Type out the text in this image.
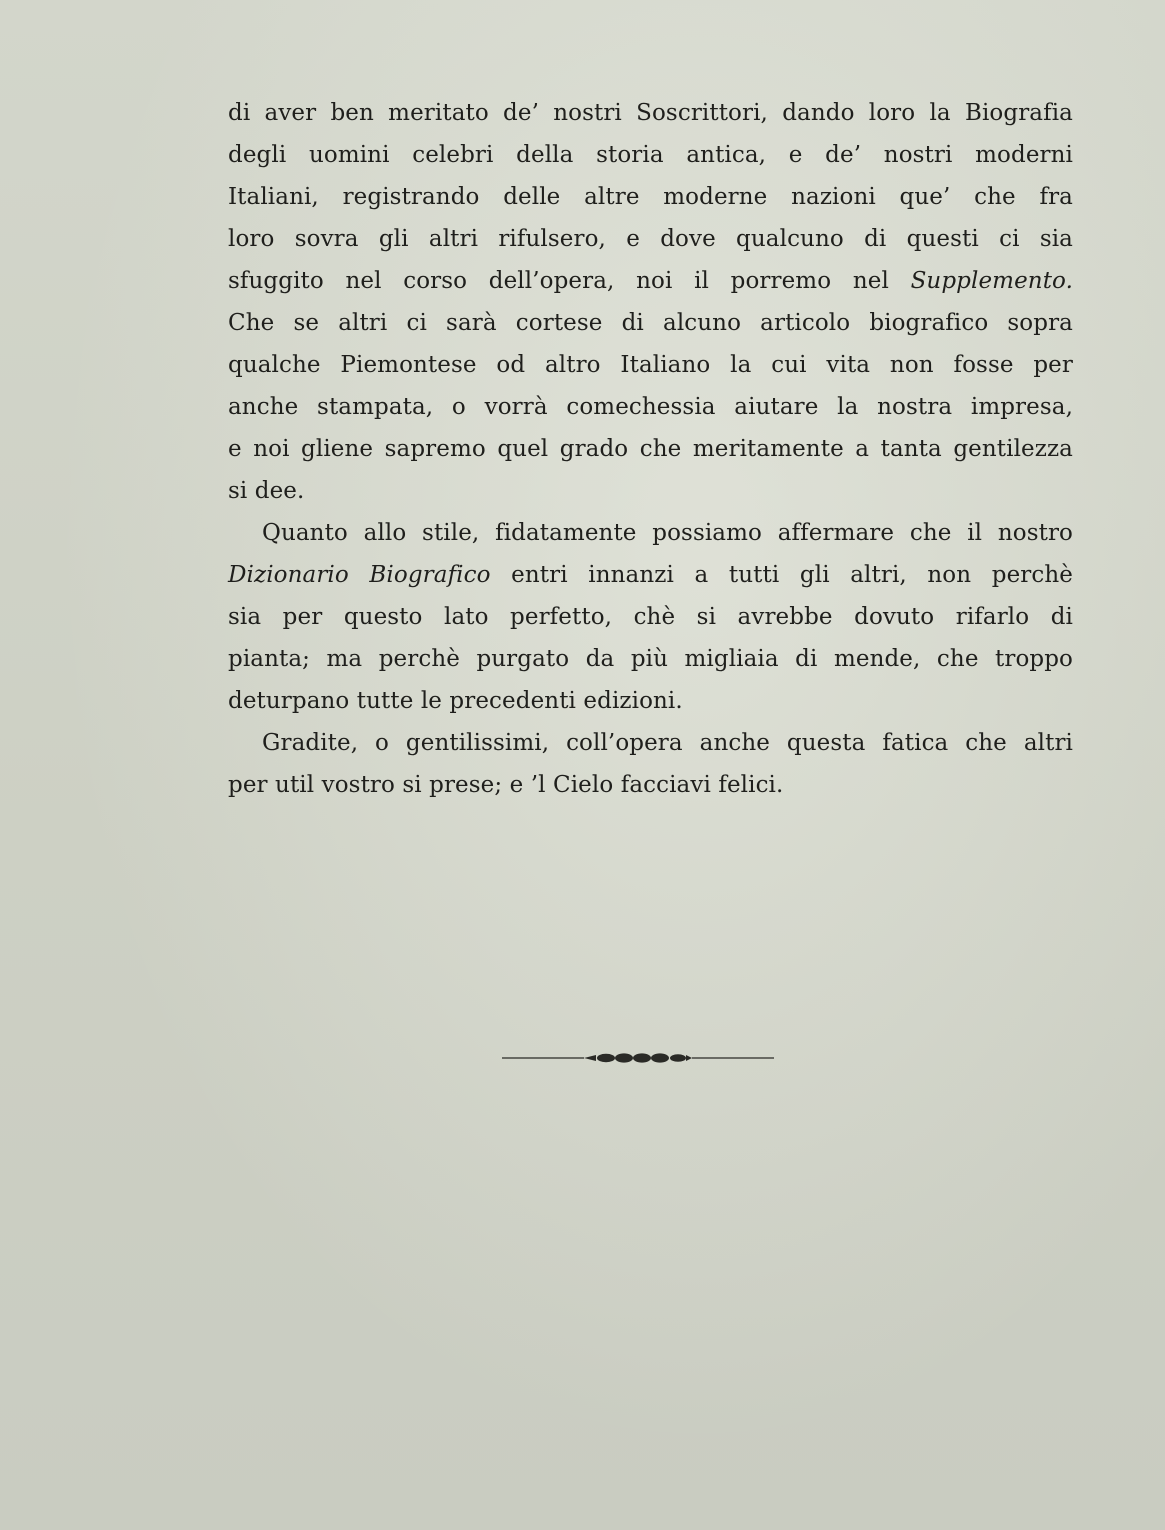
di aver ben meritato de’ nostri Soscrittori, dando loro la Biografia
degli uomini celebri della storia antica, e de’ nostri moderni
Italiani, registrando delle altre moderne nazioni que’ che fra
loro sovra gli altri rifulsero, e dove qualcuno di questi ci sia
sfuggito nel corso dell’opera, noi il porremo nel Supplemento.
Che se altri ci sarà cortese di alcuno articolo biografico sopra
qualche Piemontese od altro Italiano la cui vita non fosse per
anche stampata, o vorrà comechessia aiutare la nostra impresa,
e noi gliene sapremo quel grado che meritamente a tanta gentilezza
si dee.
Quanto allo stile, fidatamente possiamo affermare che il nostro
Dizionario Biografico entri innanzi a tutti gli altri, non perchè
sia per questo lato perfetto, chè si avrebbe dovuto rifarlo di
pianta; ma perchè purgato da più migliaia di mende, che troppo
deturpano tutte le precedenti edizioni.
Gradite, o gentilissimi, coll’opera anche questa fatica che altri
per util vostro si prese; e ’l Cielo facciavi felici.
